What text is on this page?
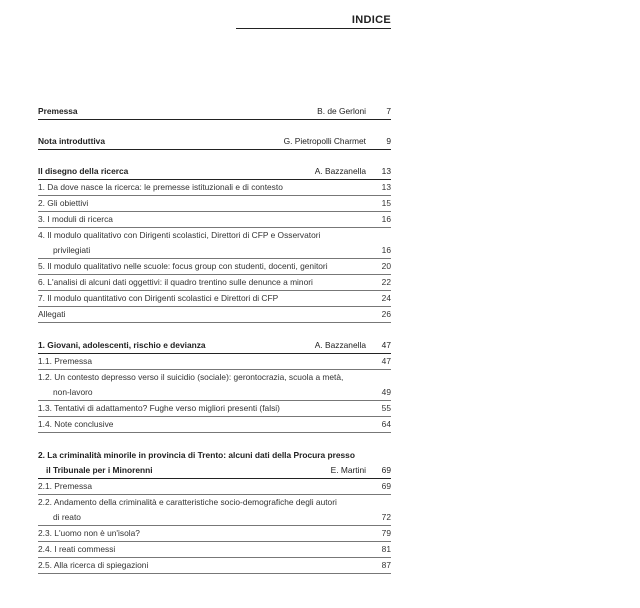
INDICE
Premessa	B. de Gerloni	7
Nota introduttiva	G. Pietropolli Charmet	9
Il disegno della ricerca	A. Bazzanella	13
1. Da dove nasce la ricerca: le premesse istituzionali e di contesto	13
2. Gli obiettivi	15
3. I moduli di ricerca	16
4. Il modulo qualitativo con Dirigenti scolastici, Direttori di CFP e Osservatori
privilegiati	16
5. Il modulo qualitativo nelle scuole: focus group con studenti, docenti, genitori	20
6. L'analisi di alcuni dati oggettivi: il quadro trentino sulle denunce a minori	22
7. Il modulo quantitativo con Dirigenti scolastici e Direttori di CFP	24
Allegati	26
1. Giovani, adolescenti, rischio e devianza	A. Bazzanella	47
1.1. Premessa	47
1.2. Un contesto depresso verso il suicidio (sociale): gerontocrazia, scuola a metà,
non-lavoro	49
1.3. Tentativi di adattamento? Fughe verso migliori presenti (falsi)	55
1.4. Note conclusive	64
2. La criminalità minorile in provincia di Trento: alcuni dati della Procura presso
il Tribunale per i Minorenni	E. Martini	69
2.1. Premessa	69
2.2. Andamento della criminalità e caratteristiche socio-demografiche degli autori
di reato	72
2.3. L'uomo non è un'isola?	79
2.4. I reati commessi	81
2.5. Alla ricerca di spiegazioni	87
